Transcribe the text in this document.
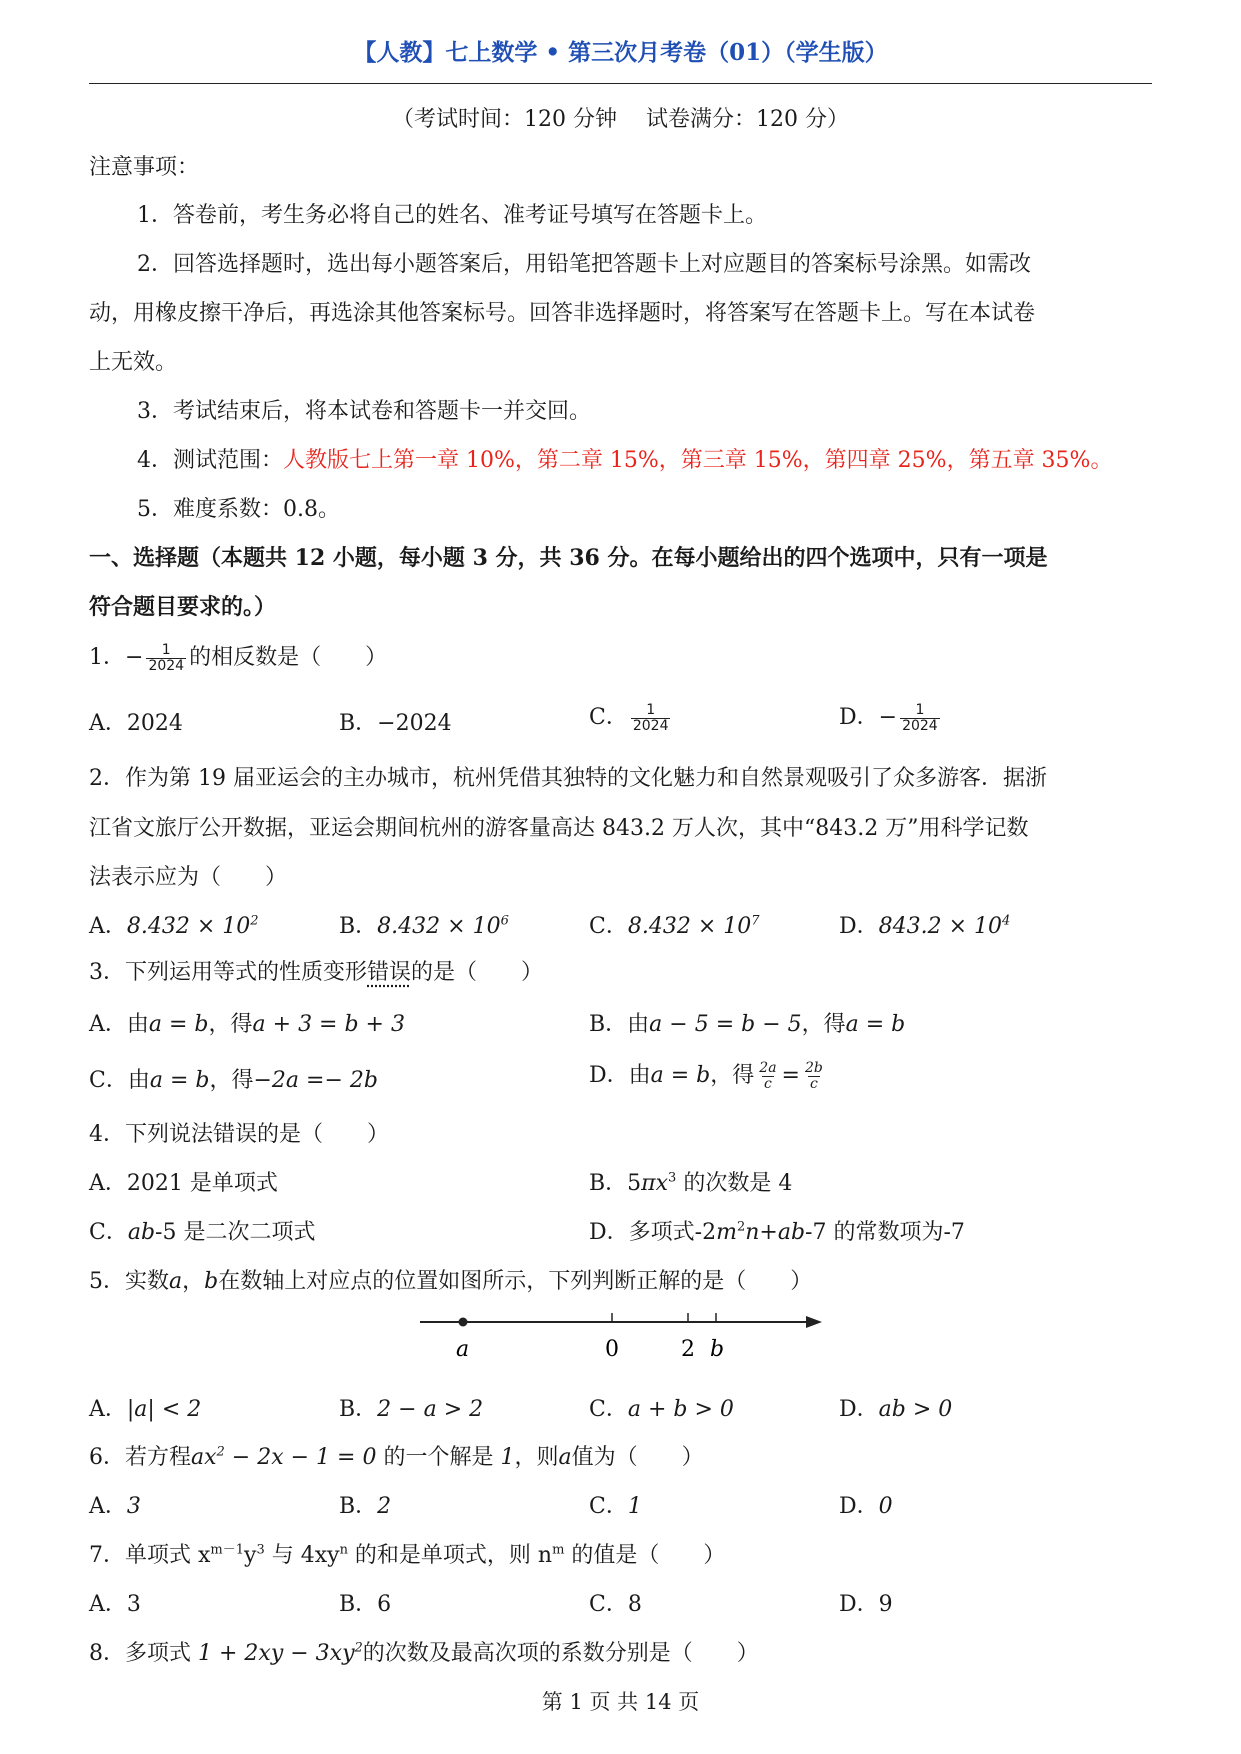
【人教】七上数学 • 第三次月考卷（01）（学生版）
（考试时间：120 分钟　 试卷满分：120 分）
注意事项：
1．答卷前，考生务必将自己的姓名、准考证号填写在答题卡上。
2．回答选择题时，选出每小题答案后，用铅笔把答题卡上对应题目的答案标号涂黑。如需改
动，用橡皮擦干净后，再选涂其他答案标号。回答非选择题时，将答案写在答题卡上。写在本试卷
上无效。
3．考试结束后，将本试卷和答题卡一并交回。
4．测试范围：人教版七上第一章 10%，第二章 15%，第三章 15%，第四章 25%，第五章 35%。
5．难度系数：0.8。
一、选择题（本题共 12 小题，每小题 3 分，共 36 分。在每小题给出的四个选项中，只有一项是
符合题目要求的。）
1．− $\frac{1}{2024}$ 的相反数是（　　）
A．2024	B．−2024	C． $\frac{1}{2024}$	D．− $\frac{1}{2024}$
2．作为第 19 届亚运会的主办城市，杭州凭借其独特的文化魅力和自然景观吸引了众多游客．据浙
江省文旅厅公开数据，亚运会期间杭州的游客量高达 843.2 万人次，其中“843.2 万”用科学记数
法表示应为（　　）
A．$8.432 \times 10^2$	B．$8.432 \times 10^6$	C．$8.432 \times 10^7$	D．$843.2 \times 10^4$
3．下列运用等式的性质变形错误的是（　　）
A．由a = b，得a + 3 = b + 3	B．由a − 5 = b − 5，得a = b
C．由a = b，得−2a =− 2b	D．由a = b，得 $\frac{2a}{c} = \frac{2b}{c}$
4．下列说法错误的是（　　）
A．2021 是单项式	B．$5\pi x^3$ 的次数是 4
C．ab-5 是二次二项式	D．多项式$-2m^2n+ab-7$ 的常数项为-7
5．实数a，b在数轴上对应点的位置如图所示，下列判断正解的是（　　）
a	0	2 b
A．|a| < 2	B．2 − a > 2	C．a + b > 0	D．ab > 0
6．若方程$ax^2 - 2x - 1 = 0$ 的一个解是 1，则a值为（　　）
A．3	B．2	C．1	D．0
7．单项式 $x^{m-1}y^3$ 与 $4xy^n$ 的和是单项式，则 $n^m$ 的值是（　　）
A．3	B．6	C．8	D．9
8．多项式 $1 + 2xy - 3xy^2$的次数及最高次项的系数分别是（　　）
第 1 页 共 14 页
